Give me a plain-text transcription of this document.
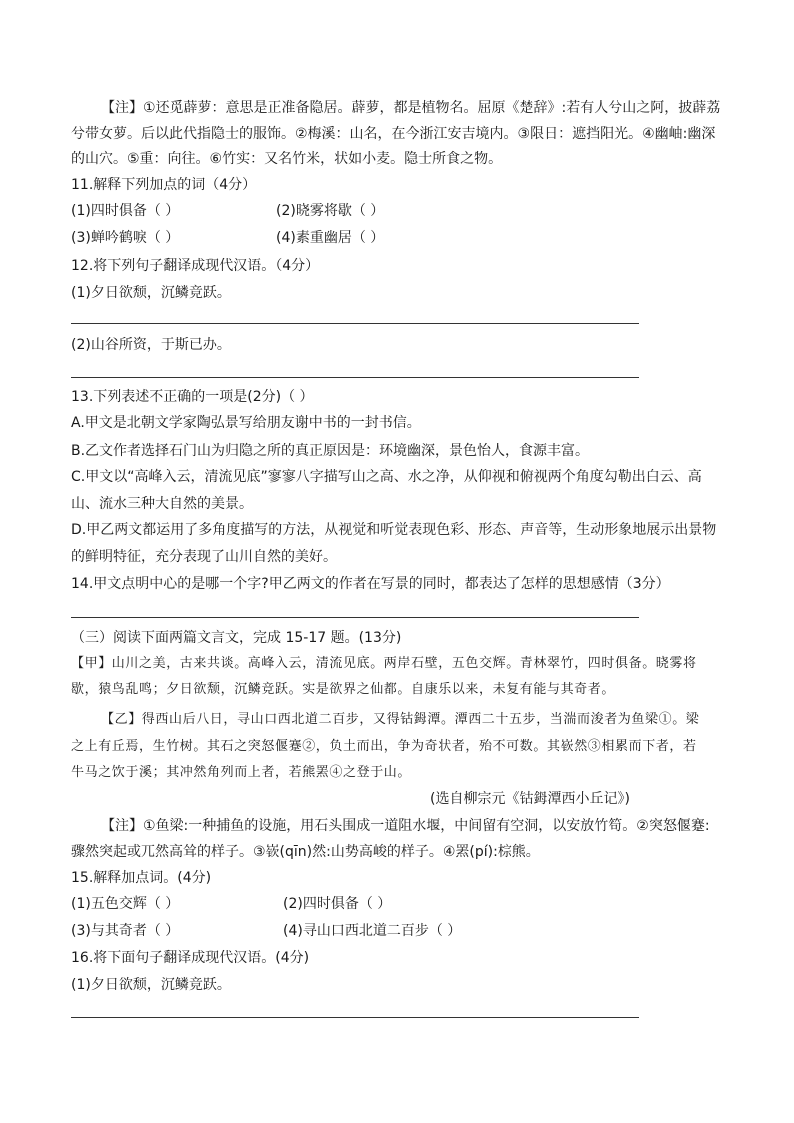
【注】①还觅薜萝：意思是正准备隐居。薜萝，都是植物名。屈原《楚辞》:若有人兮山之阿，披薜荔
兮带女萝。后以此代指隐士的服饰。②梅溪：山名，在今浙江安吉境内。③限日：遮挡阳光。④幽岫:幽深
的山穴。⑤重：向往。⑥竹实：又名竹米，状如小麦。隐士所食之物。
11.解释下列加点的词（4分）
(1)四时俱备（ ）	(2)晓雾将歇（ ）
(3)蝉吟鹤唳（ ）	(4)素重幽居（ ）
12.将下列句子翻译成现代汉语。（4分）
(1)夕日欲颓，沉鳞竞跃。
(2)山谷所资，于斯已办。
13.下列表述不正确的一项是(2分)（ ）
A.甲文是北朝文学家陶弘景写给朋友谢中书的一封书信。
B.乙文作者选择石门山为归隐之所的真正原因是：环境幽深，景色怡人，食源丰富。
C.甲文以“高峰入云，清流见底”寥寥八字描写山之高、水之净，从仰视和俯视两个角度勾勒出白云、高
山、流水三种大自然的美景。
D.甲乙两文都运用了多角度描写的方法，从视觉和听觉表现色彩、形态、声音等，生动形象地展示出景物
的鲜明特征，充分表现了山川自然的美好。
14.甲文点明中心的是哪一个字?甲乙两文的作者在写景的同时，都表达了怎样的思想感情（3分）
（三）阅读下面两篇文言文，完成 15-17 题。(13分)
【甲】山川之美，古来共谈。高峰入云，清流见底。两岸石壁，五色交辉。青林翠竹，四时俱备。晓雾将
歇，猿鸟乱鸣；夕日欲颓，沉鳞竞跃。实是欲界之仙都。自康乐以来，未复有能与其奇者。
【乙】得西山后八日，寻山口西北道二百步，又得钴鉧潭。潭西二十五步，当湍而浚者为鱼梁①。梁
之上有丘焉，生竹树。其石之突怒偃蹇②，负土而出，争为奇状者，殆不可数。其嵚然③相累而下者，若
牛马之饮于溪；其冲然角列而上者，若熊罴④之登于山。
(选自柳宗元《钴鉧潭西小丘记》)
【注】①鱼梁:一种捕鱼的设施，用石头围成一道阻水堰，中间留有空洞，以安放竹笱。②突怒偃蹇:
骤然突起或兀然高耸的样子。③嵚(qīn)然:山势高峻的样子。④罴(pí):棕熊。
15.解释加点词。(4分)
(1)五色交辉（ ）	(2)四时俱备（ ）
(3)与其奇者（ ）	(4)寻山口西北道二百步（ ）
16.将下面句子翻译成现代汉语。(4分)
(1)夕日欲颓，沉鳞竞跃。
